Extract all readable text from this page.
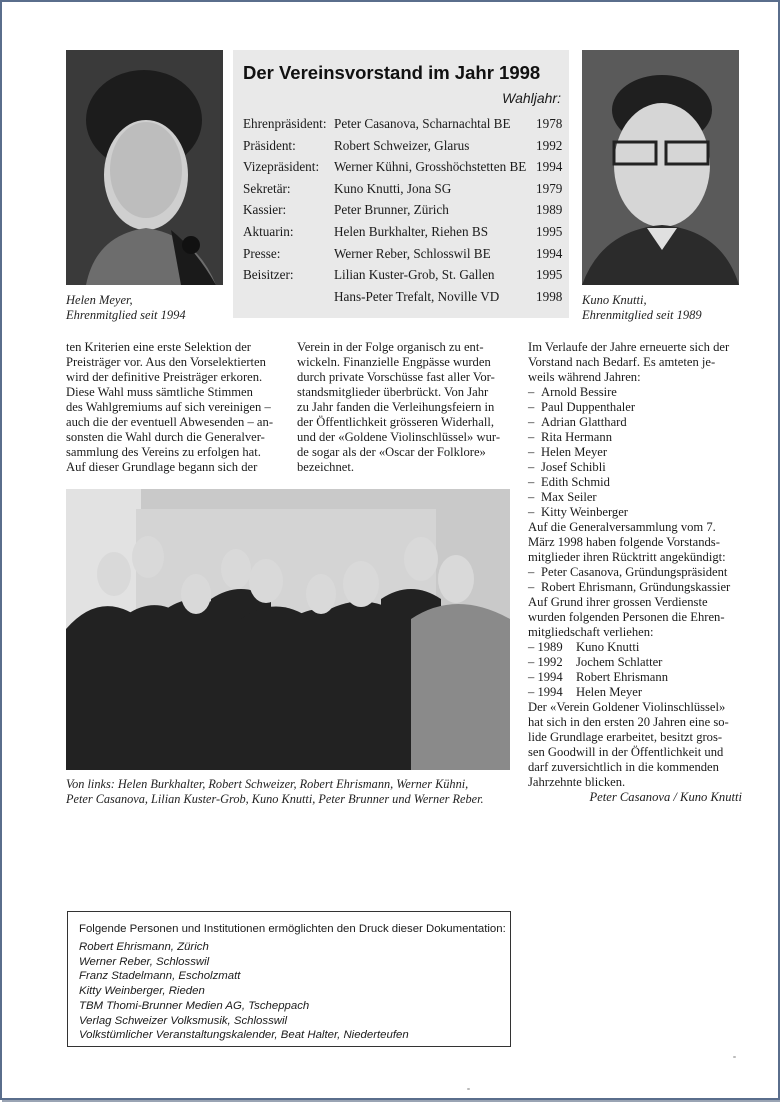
Helen Meyer,
Ehrenmitglied seit 1994
Kuno Knutti,
Ehrenmitglied seit 1989
Der Vereinsvorstand im Jahr 1998
Wahljahr:
Ehrenpräsident: Peter Casanova, Scharnachtal BE 1978
Präsident:	Robert Schweizer, Glarus	1992
Vizepräsident: Werner Kühni, Grosshöchstetten BE 1994
Sekretär:	Kuno Knutti, Jona SG	1979
Kassier:	Peter Brunner, Zürich	1989
Aktuarin:	Helen Burkhalter, Riehen BS	1995
Presse:	Werner Reber, Schlosswil BE	1994
Beisitzer:	Lilian Kuster-Grob, St. Gallen	1995
Hans-Peter Trefalt, Noville VD	1998
ten Kriterien eine erste Selektion der
Preisträger vor. Aus den Vorselektierten
wird der definitive Preisträger erkoren.
Diese Wahl muss sämtliche Stimmen
des Wahlgremiums auf sich vereinigen –
auch die der eventuell Abwesenden – an-
sonsten die Wahl durch die Generalver-
sammlung des Vereins zu erfolgen hat.
Auf dieser Grundlage begann sich der
Verein in der Folge organisch zu ent-
wickeln. Finanzielle Engpässe wurden
durch private Vorschüsse fast aller Vor-
standsmitglieder überbrückt. Von Jahr
zu Jahr fanden die Verleihungsfeiern in
der Öffentlichkeit grösseren Widerhall,
und der «Goldene Violinschlüssel» wur-
de sogar als der «Oscar der Folklore»
bezeichnet.
Im Verlaufe der Jahre erneuerte sich der
Vorstand nach Bedarf. Es amteten je-
weils während Jahren:
– Arnold Bessire
– Paul Duppenthaler
– Adrian Glatthard
– Rita Hermann
– Helen Meyer
– Josef Schibli
– Edith Schmid
– Max Seiler
– Kitty Weinberger
Auf die Generalversammlung vom 7.
März 1998 haben folgende Vorstands-
mitglieder ihren Rücktritt angekündigt:
– Peter Casanova, Gründungspräsident
– Robert Ehrismann, Gründungskassier
Auf Grund ihrer grossen Verdienste
wurden folgenden Personen die Ehren-
mitgliedschaft verliehen:
– 1989 Kuno Knutti
– 1992 Jochem Schlatter
– 1994 Robert Ehrismann
– 1994 Helen Meyer
Der «Verein Goldener Violinschlüssel»
hat sich in den ersten 20 Jahren eine so-
lide Grundlage erarbeitet, besitzt gros-
sen Goodwill in der Öffentlichkeit und
darf zuversichtlich in die kommenden
Jahrzehnte blicken.
Peter Casanova / Kuno Knutti
Von links: Helen Burkhalter, Robert Schweizer, Robert Ehrismann, Werner Kühni,
Peter Casanova, Lilian Kuster-Grob, Kuno Knutti, Peter Brunner und Werner Reber.
Folgende Personen und Institutionen ermöglichten den Druck dieser Dokumentation:
Robert Ehrismann, Zürich
Werner Reber, Schlosswil
Franz Stadelmann, Escholzmatt
Kitty Weinberger, Rieden
TBM Thomi-Brunner Medien AG, Tscheppach
Verlag Schweizer Volksmusik, Schlosswil
Volkstümlicher Veranstaltungskalender, Beat Halter, Niederteufen
